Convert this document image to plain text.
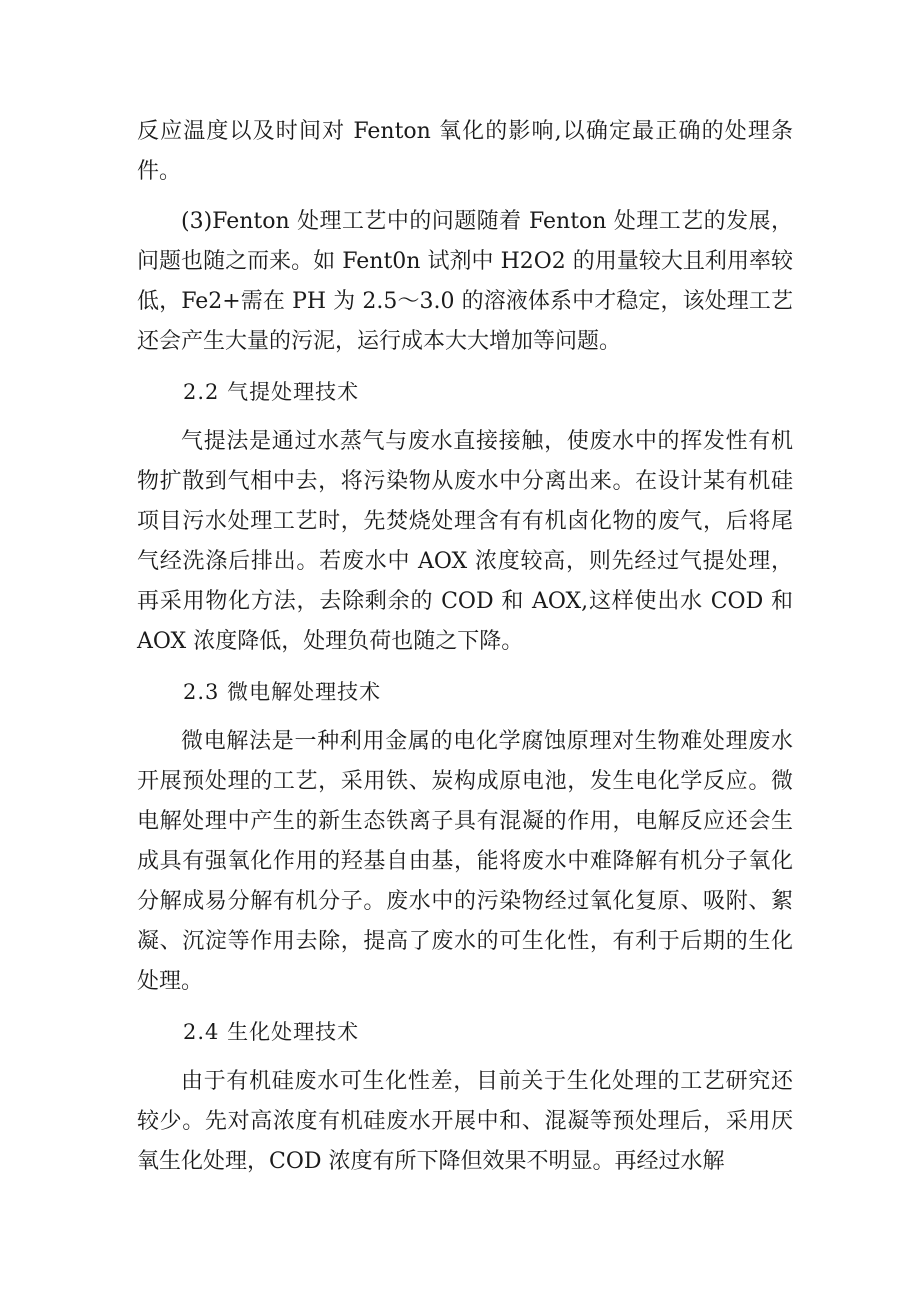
反应温度以及时间对 Fenton 氧化的影响,以确定最正确的处理条件。

(3)Fenton 处理工艺中的问题随着 Fenton 处理工艺的发展，问题也随之而来。如 Fent0n 试剂中 H2O2 的用量较大且利用率较低，Fe2+需在 PH 为 2.5～3.0 的溶液体系中才稳定，该处理工艺还会产生大量的污泥，运行成本大大增加等问题。

2.2 气提处理技术

气提法是通过水蒸气与废水直接接触，使废水中的挥发性有机物扩散到气相中去，将污染物从废水中分离出来。在设计某有机硅项目污水处理工艺时，先焚烧处理含有有机卤化物的废气，后将尾气经洗涤后排出。若废水中 AOX 浓度较高，则先经过气提处理，再采用物化方法，去除剩余的 COD 和 AOX,这样使出水 COD 和 AOX 浓度降低，处理负荷也随之下降。

2.3 微电解处理技术

微电解法是一种利用金属的电化学腐蚀原理对生物难处理废水开展预处理的工艺，采用铁、炭构成原电池，发生电化学反应。微电解处理中产生的新生态铁离子具有混凝的作用，电解反应还会生成具有强氧化作用的羟基自由基，能将废水中难降解有机分子氧化分解成易分解有机分子。废水中的污染物经过氧化复原、吸附、絮凝、沉淀等作用去除，提高了废水的可生化性，有利于后期的生化处理。

2.4 生化处理技术

由于有机硅废水可生化性差，目前关于生化处理的工艺研究还较少。先对高浓度有机硅废水开展中和、混凝等预处理后，采用厌氧生化处理，COD 浓度有所下降但效果不明显。再经过水解
